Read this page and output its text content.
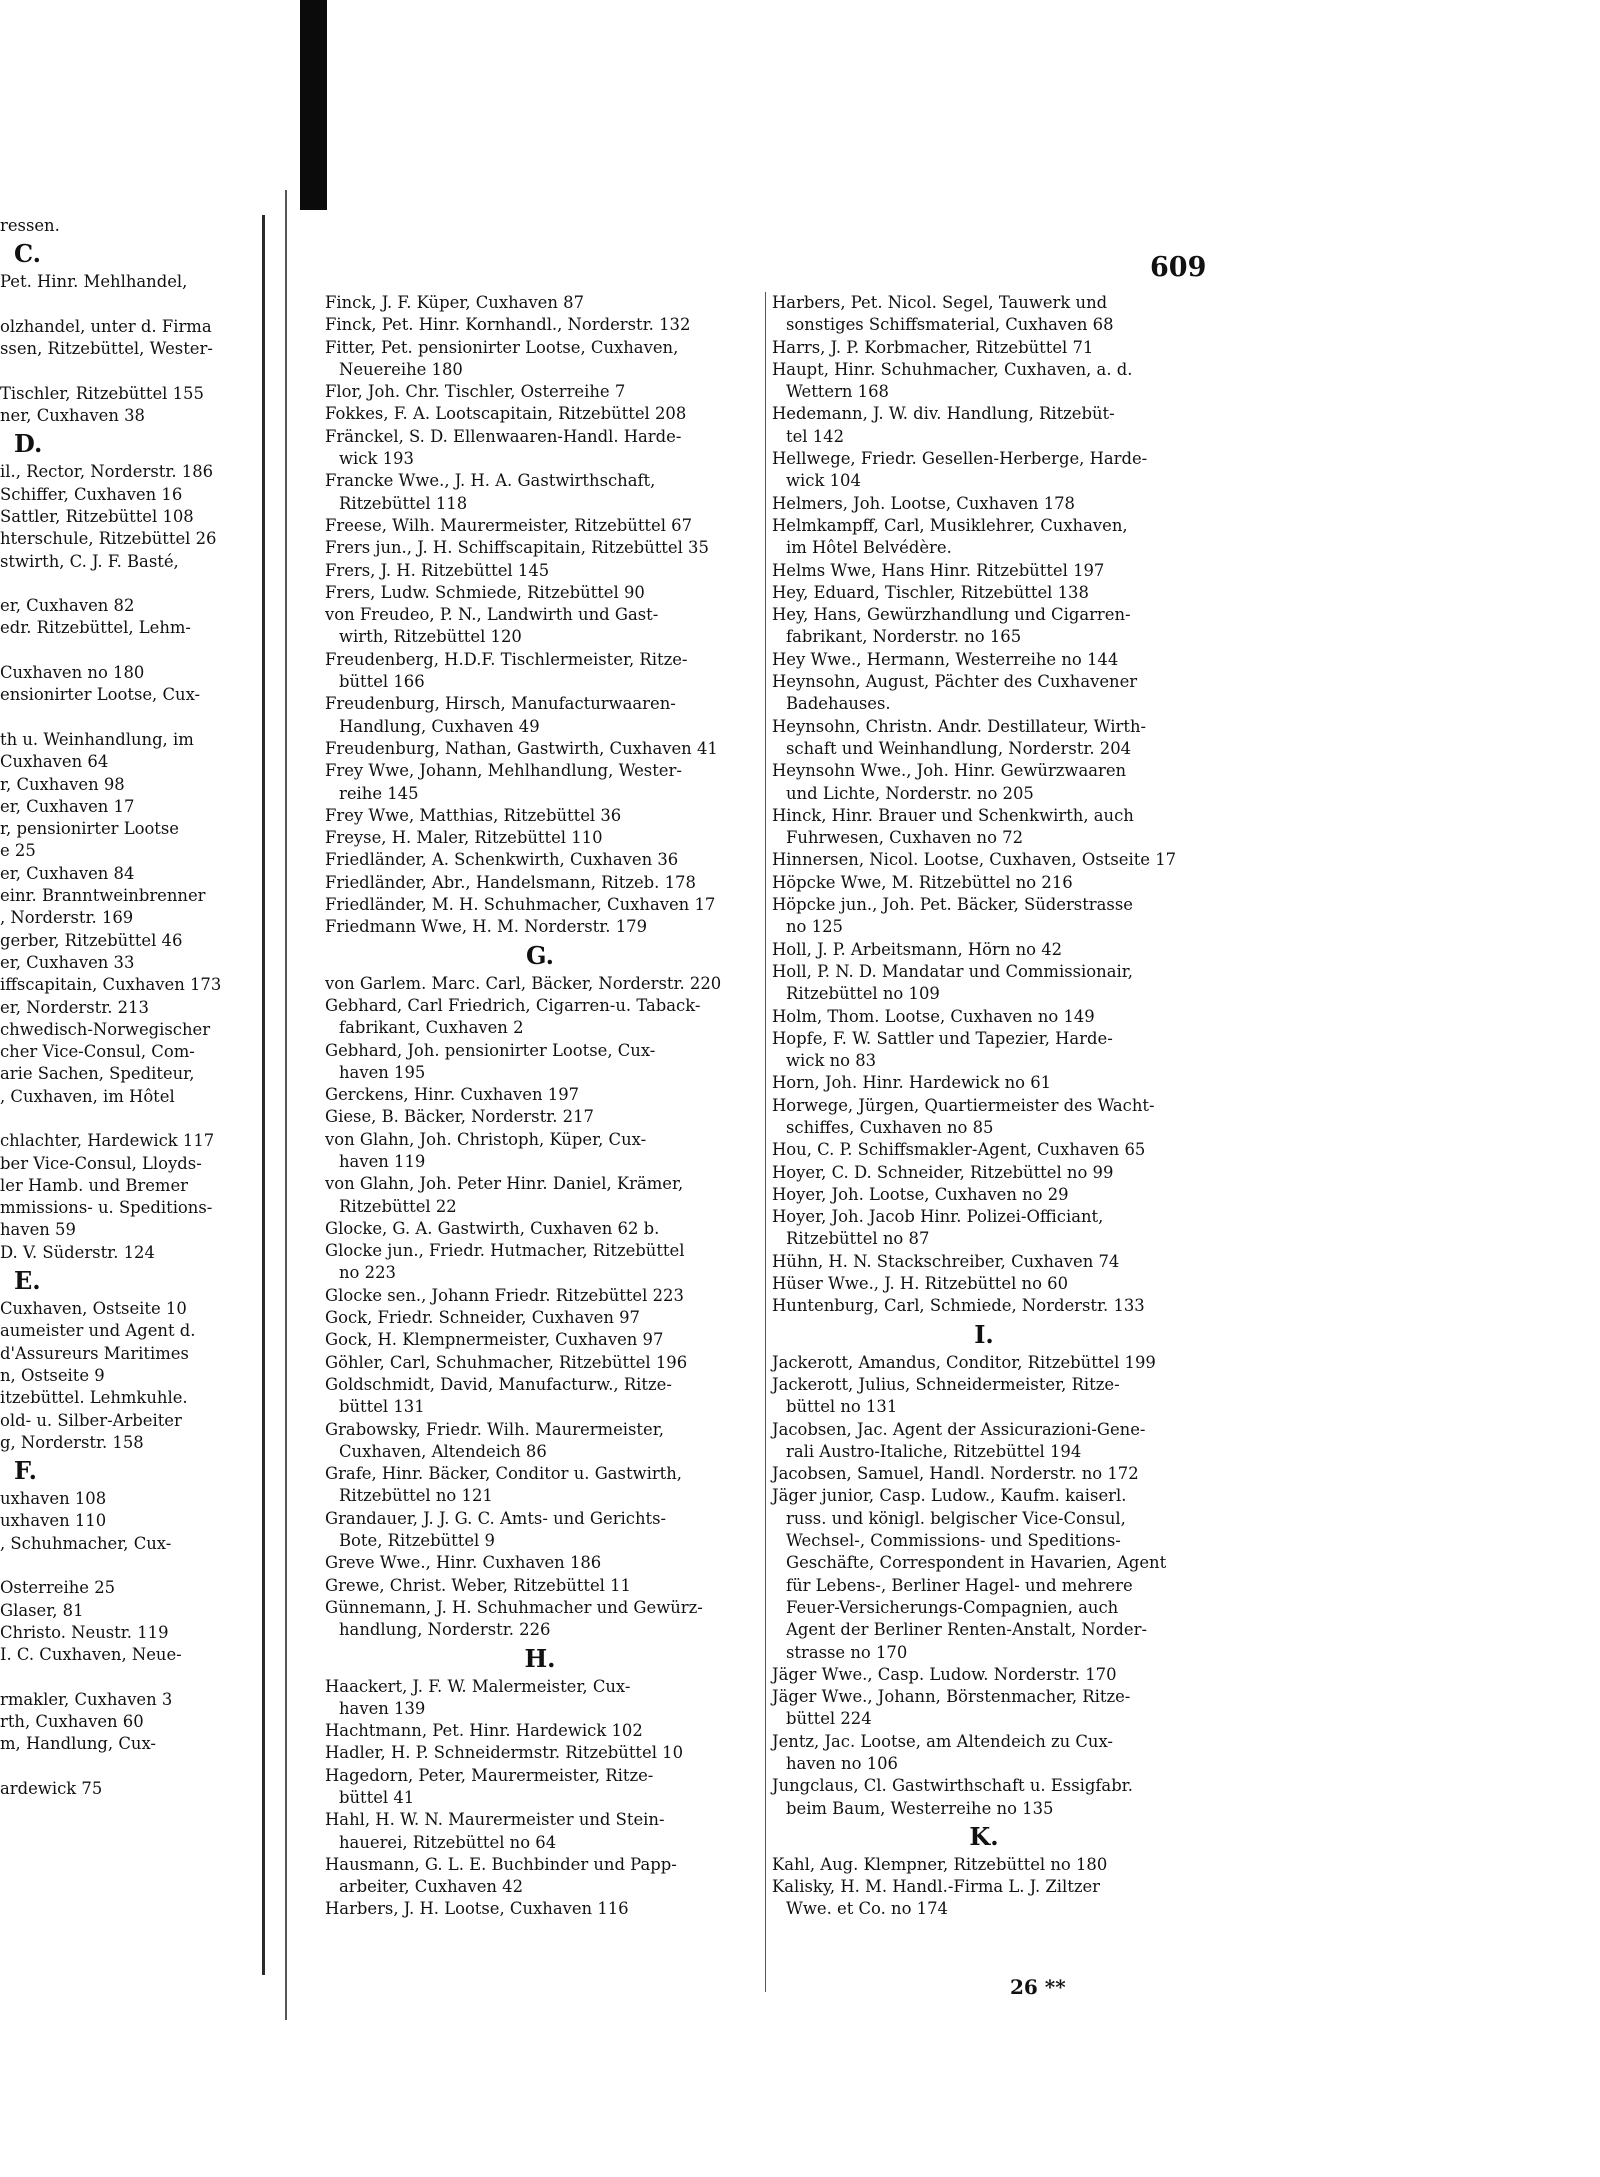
ressen.
C.
Pet. Hinr. Mehlhandel,
olzhandel, unter d. Firma
ssen, Ritzebüttel, Wester-
Tischler, Ritzebüttel 155
ner, Cuxhaven 38
D.
il., Rector, Norderstr. 186
Schiffer, Cuxhaven 16
Sattler, Ritzebüttel 108
hterschule, Ritzebüttel 26
stwirth, C. J. F. Basté,
er, Cuxhaven 82
edr. Ritzebüttel, Lehm-
Cuxhaven no 180
ensionirter Lootse, Cux-
th u. Weinhandlung, im
Cuxhaven 64
r, Cuxhaven 98
er, Cuxhaven 17
r, pensionirter Lootse
e 25
er, Cuxhaven 84
einr. Branntweinbrenner
, Norderstr. 169
gerber, Ritzebüttel 46
er, Cuxhaven 33
iffscapitain, Cuxhaven 173
er, Norderstr. 213
chwedisch-Norwegischer
cher Vice-Consul, Com-
arie Sachen, Spediteur,
, Cuxhaven, im Hôtel
chlachter, Hardewick 117
ber Vice-Consul, Lloyds-
ler Hamb. und Bremer
mmissions- u. Speditions-
haven 59
D. V. Süderstr. 124
E.
Cuxhaven, Ostseite 10
aumeister und Agent d.
d'Assureurs Maritimes
n, Ostseite 9
itzebüttel. Lehmkuhle.
old- u. Silber-Arbeiter
g, Norderstr. 158
F.
uxhaven 108
uxhaven 110
, Schuhmacher, Cux-
Osterreihe 25
Glaser, 81
Christo. Neustr. 119
I. C. Cuxhaven, Neue-
rmakler, Cuxhaven 3
rth, Cuxhaven 60
m, Handlung, Cux-
ardewick 75
609
Finck, J. F. Küper, Cuxhaven 87
Finck, Pet. Hinr. Kornhandl., Norderstr. 132
Fitter, Pet. pensionirter Lootse, Cuxhaven,
Neuereihe 180
Flor, Joh. Chr. Tischler, Osterreihe 7
Fokkes, F. A. Lootscapitain, Ritzebüttel 208
Fränckel, S. D. Ellenwaaren-Handl. Harde-
wick 193
Francke Wwe., J. H. A. Gastwirthschaft,
Ritzebüttel 118
Freese, Wilh. Maurermeister, Ritzebüttel 67
Frers jun., J. H. Schiffscapitain, Ritzebüttel 35
Frers, J. H. Ritzebüttel 145
Frers, Ludw. Schmiede, Ritzebüttel 90
von Freudeo, P. N., Landwirth und Gast-
wirth, Ritzebüttel 120
Freudenberg, H.D.F. Tischlermeister, Ritze-
büttel 166
Freudenburg, Hirsch, Manufacturwaaren-
Handlung, Cuxhaven 49
Freudenburg, Nathan, Gastwirth, Cuxhaven 41
Frey Wwe, Johann, Mehlhandlung, Wester-
reihe 145
Frey Wwe, Matthias, Ritzebüttel 36
Freyse, H. Maler, Ritzebüttel 110
Friedländer, A. Schenkwirth, Cuxhaven 36
Friedländer, Abr., Handelsmann, Ritzeb. 178
Friedländer, M. H. Schuhmacher, Cuxhaven 17
Friedmann Wwe, H. M. Norderstr. 179
G.
von Garlem. Marc. Carl, Bäcker, Norderstr. 220
Gebhard, Carl Friedrich, Cigarren-u. Taback-
fabrikant, Cuxhaven 2
Gebhard, Joh. pensionirter Lootse, Cux-
haven 195
Gerckens, Hinr. Cuxhaven 197
Giese, B. Bäcker, Norderstr. 217
von Glahn, Joh. Christoph, Küper, Cux-
haven 119
von Glahn, Joh. Peter Hinr. Daniel, Krämer,
Ritzebüttel 22
Glocke, G. A. Gastwirth, Cuxhaven 62 b.
Glocke jun., Friedr. Hutmacher, Ritzebüttel
no 223
Glocke sen., Johann Friedr. Ritzebüttel 223
Gock, Friedr. Schneider, Cuxhaven 97
Gock, H. Klempnermeister, Cuxhaven 97
Göhler, Carl, Schuhmacher, Ritzebüttel 196
Goldschmidt, David, Manufacturw., Ritze-
büttel 131
Grabowsky, Friedr. Wilh. Maurermeister,
Cuxhaven, Altendeich 86
Grafe, Hinr. Bäcker, Conditor u. Gastwirth,
Ritzebüttel no 121
Grandauer, J. J. G. C. Amts- und Gerichts-
Bote, Ritzebüttel 9
Greve Wwe., Hinr. Cuxhaven 186
Grewe, Christ. Weber, Ritzebüttel 11
Günnemann, J. H. Schuhmacher und Gewürz-
handlung, Norderstr. 226
H.
Haackert, J. F. W. Malermeister, Cux-
haven 139
Hachtmann, Pet. Hinr. Hardewick 102
Hadler, H. P. Schneidermstr. Ritzebüttel 10
Hagedorn, Peter, Maurermeister, Ritze-
büttel 41
Hahl, H. W. N. Maurermeister und Stein-
hauerei, Ritzebüttel no 64
Hausmann, G. L. E. Buchbinder und Papp-
arbeiter, Cuxhaven 42
Harbers, J. H. Lootse, Cuxhaven 116
Harbers, Pet. Nicol. Segel, Tauwerk und
sonstiges Schiffsmaterial, Cuxhaven 68
Harrs, J. P. Korbmacher, Ritzebüttel 71
Haupt, Hinr. Schuhmacher, Cuxhaven, a. d.
Wettern 168
Hedemann, J. W. div. Handlung, Ritzebüt-
tel 142
Hellwege, Friedr. Gesellen-Herberge, Harde-
wick 104
Helmers, Joh. Lootse, Cuxhaven 178
Helmkampff, Carl, Musiklehrer, Cuxhaven,
im Hôtel Belvédère.
Helms Wwe, Hans Hinr. Ritzebüttel 197
Hey, Eduard, Tischler, Ritzebüttel 138
Hey, Hans, Gewürzhandlung und Cigarren-
fabrikant, Norderstr. no 165
Hey Wwe., Hermann, Westerreihe no 144
Heynsohn, August, Pächter des Cuxhavener
Badehauses.
Heynsohn, Christn. Andr. Destillateur, Wirth-
schaft und Weinhandlung, Norderstr. 204
Heynsohn Wwe., Joh. Hinr. Gewürzwaaren
und Lichte, Norderstr. no 205
Hinck, Hinr. Brauer und Schenkwirth, auch
Fuhrwesen, Cuxhaven no 72
Hinnersen, Nicol. Lootse, Cuxhaven, Ostseite 17
Höpcke Wwe, M. Ritzebüttel no 216
Höpcke jun., Joh. Pet. Bäcker, Süderstrasse
no 125
Holl, J. P. Arbeitsmann, Hörn no 42
Holl, P. N. D. Mandatar und Commissionair,
Ritzebüttel no 109
Holm, Thom. Lootse, Cuxhaven no 149
Hopfe, F. W. Sattler und Tapezier, Harde-
wick no 83
Horn, Joh. Hinr. Hardewick no 61
Horwege, Jürgen, Quartiermeister des Wacht-
schiffes, Cuxhaven no 85
Hou, C. P. Schiffsmakler-Agent, Cuxhaven 65
Hoyer, C. D. Schneider, Ritzebüttel no 99
Hoyer, Joh. Lootse, Cuxhaven no 29
Hoyer, Joh. Jacob Hinr. Polizei-Officiant,
Ritzebüttel no 87
Hühn, H. N. Stackschreiber, Cuxhaven 74
Hüser Wwe., J. H. Ritzebüttel no 60
Huntenburg, Carl, Schmiede, Norderstr. 133
I.
Jackerott, Amandus, Conditor, Ritzebüttel 199
Jackerott, Julius, Schneidermeister, Ritze-
büttel no 131
Jacobsen, Jac. Agent der Assicurazioni-Gene-
rali Austro-Italiche, Ritzebüttel 194
Jacobsen, Samuel, Handl. Norderstr. no 172
Jäger junior, Casp. Ludow., Kaufm. kaiserl.
russ. und königl. belgischer Vice-Consul,
Wechsel-, Commissions- und Speditions-
Geschäfte, Correspondent in Havarien, Agent
für Lebens-, Berliner Hagel- und mehrere
Feuer-Versicherungs-Compagnien, auch
Agent der Berliner Renten-Anstalt, Norder-
strasse no 170
Jäger Wwe., Casp. Ludow. Norderstr. 170
Jäger Wwe., Johann, Börstenmacher, Ritze-
büttel 224
Jentz, Jac. Lootse, am Altendeich zu Cux-
haven no 106
Jungclaus, Cl. Gastwirthschaft u. Essigfabr.
beim Baum, Westerreihe no 135
K.
Kahl, Aug. Klempner, Ritzebüttel no 180
Kalisky, H. M. Handl.-Firma L. J. Ziltzer
Wwe. et Co. no 174
26 **
